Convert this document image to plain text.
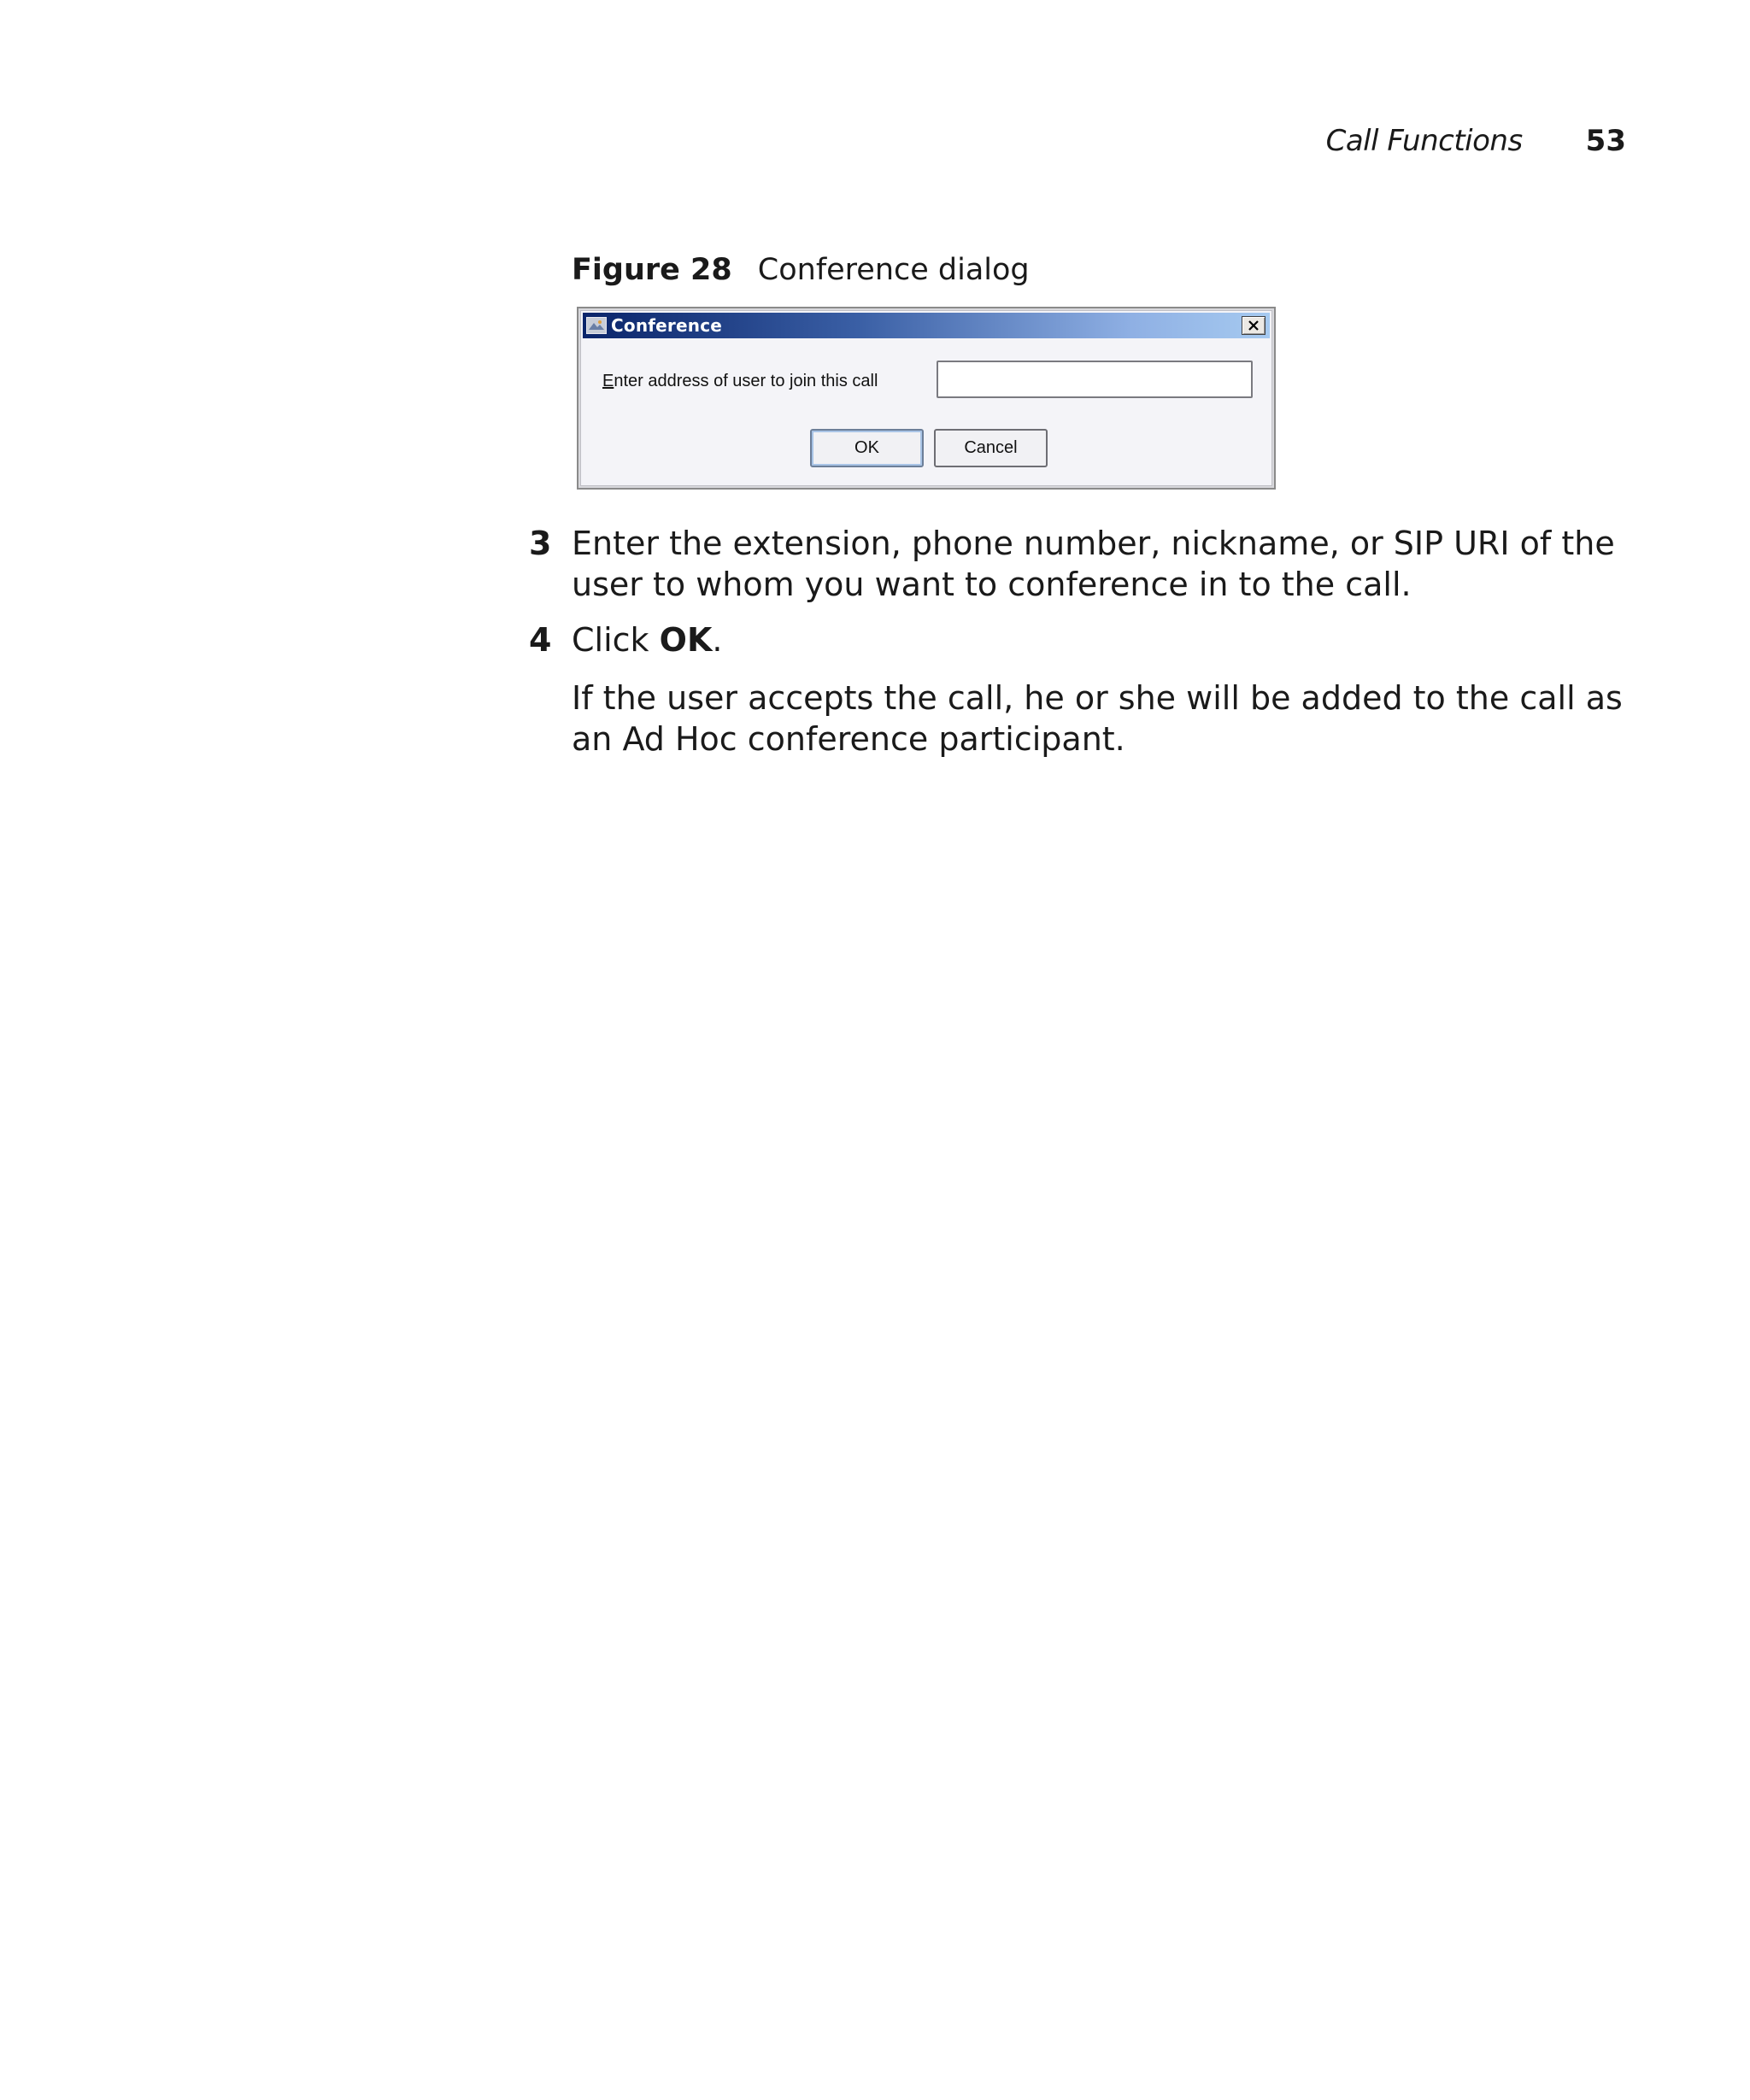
Call Functions 53
Figure 28 Conference dialog
Conference
Enter address of user to join this call
OK	Cancel
3 Enter the extension, phone number, nickname, or SIP URI of the user to whom you want to conference in to the call.
4 Click OK.
If the user accepts the call, he or she will be added to the call as an Ad Hoc conference participant.
